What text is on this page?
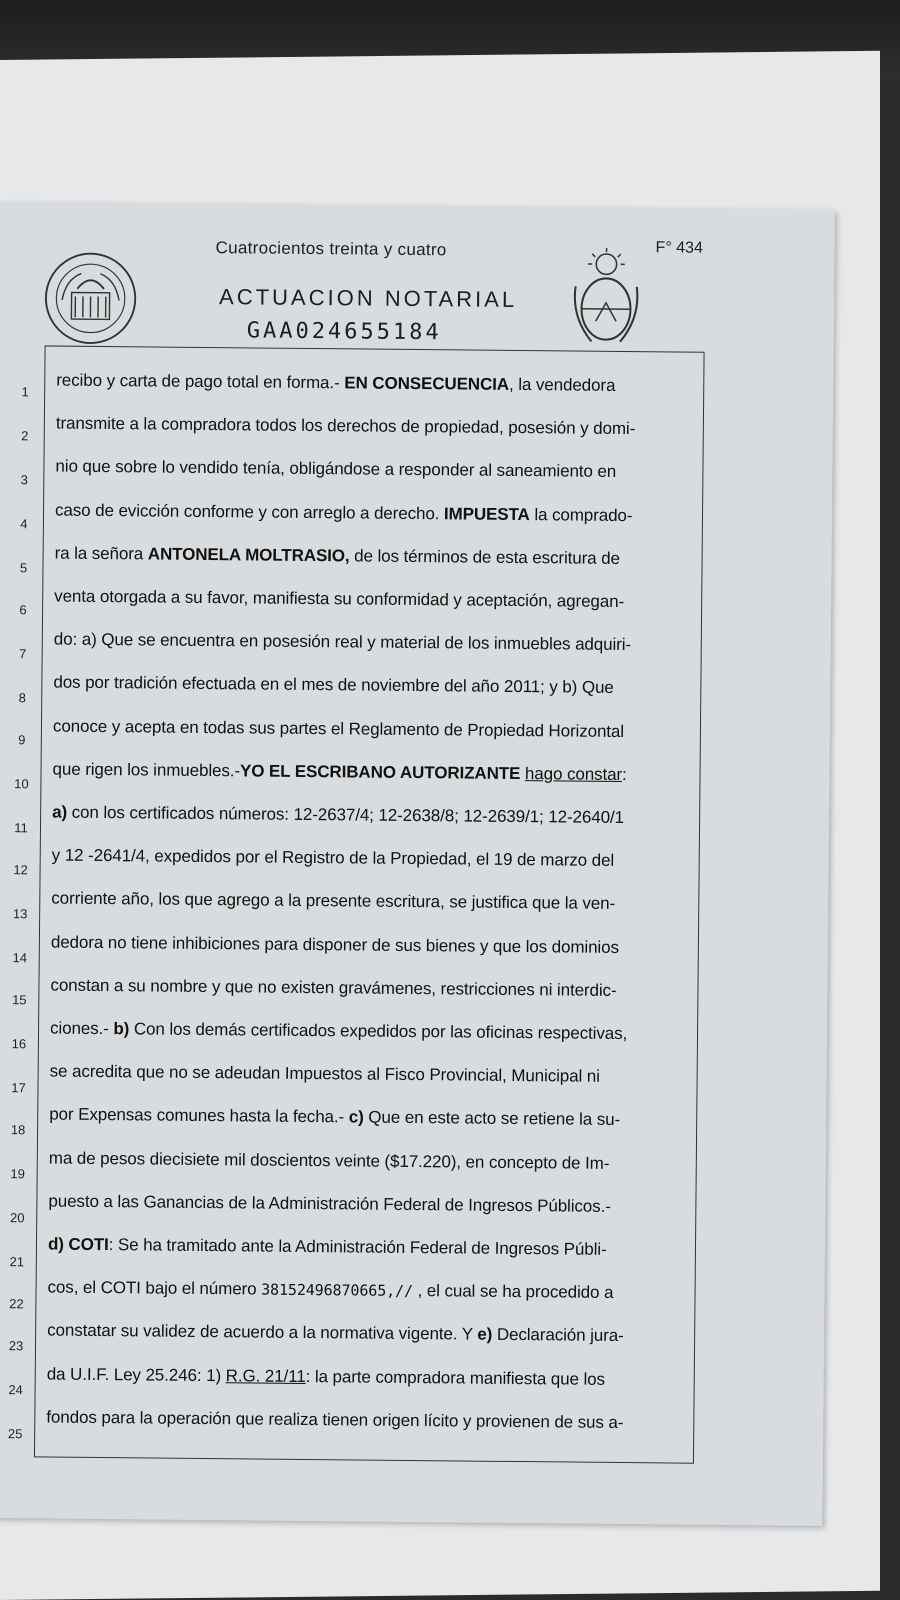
Cuatrocientos treinta y cuatro	F° 434
ACTUACION NOTARIAL
GAA024655184
1
2
3
4
5
6
7
8
9
10
11
12
13
14
15
16
17
18
19
20
21
22
23
24
25
recibo y carta de pago total en forma.- EN CONSECUENCIA, la vendedora
transmite a la compradora todos los derechos de propiedad, posesión y domi-
nio que sobre lo vendido tenía, obligándose a responder al saneamiento en
caso de evicción conforme y con arreglo a derecho. IMPUESTA la comprado-
ra la señora ANTONELA MOLTRASIO, de los términos de esta escritura de
venta otorgada a su favor, manifiesta su conformidad y aceptación, agregan-
do: a) Que se encuentra en posesión real y material de los inmuebles adquiri-
dos por tradición efectuada en el mes de noviembre del año 2011; y b) Que
conoce y acepta en todas sus partes el Reglamento de Propiedad Horizontal
que rigen los inmuebles.-YO EL ESCRIBANO AUTORIZANTE hago constar:
a) con los certificados números: 12-2637/4; 12-2638/8; 12-2639/1; 12-2640/1
y 12 -2641/4, expedidos por el Registro de la Propiedad, el 19 de marzo del
corriente año, los que agrego a la presente escritura, se justifica que la ven-
dedora no tiene inhibiciones para disponer de sus bienes y que los dominios
constan a su nombre y que no existen gravámenes, restricciones ni interdic-
ciones.- b) Con los demás certificados expedidos por las oficinas respectivas,
se acredita que no se adeudan Impuestos al Fisco Provincial, Municipal ni
por Expensas comunes hasta la fecha.- c) Que en este acto se retiene la su-
ma de pesos diecisiete mil doscientos veinte ($17.220), en concepto de Im-
puesto a las Ganancias de la Administración Federal de Ingresos Públicos.-
d) COTI: Se ha tramitado ante la Administración Federal de Ingresos Públi-
cos, el COTI bajo el número 38152496870665,// , el cual se ha procedido a
constatar su validez de acuerdo a la normativa vigente. Y e) Declaración jura-
da U.I.F. Ley 25.246: 1) R.G. 21/11: la parte compradora manifiesta que los
fondos para la operación que realiza tienen origen lícito y provienen de sus a-
